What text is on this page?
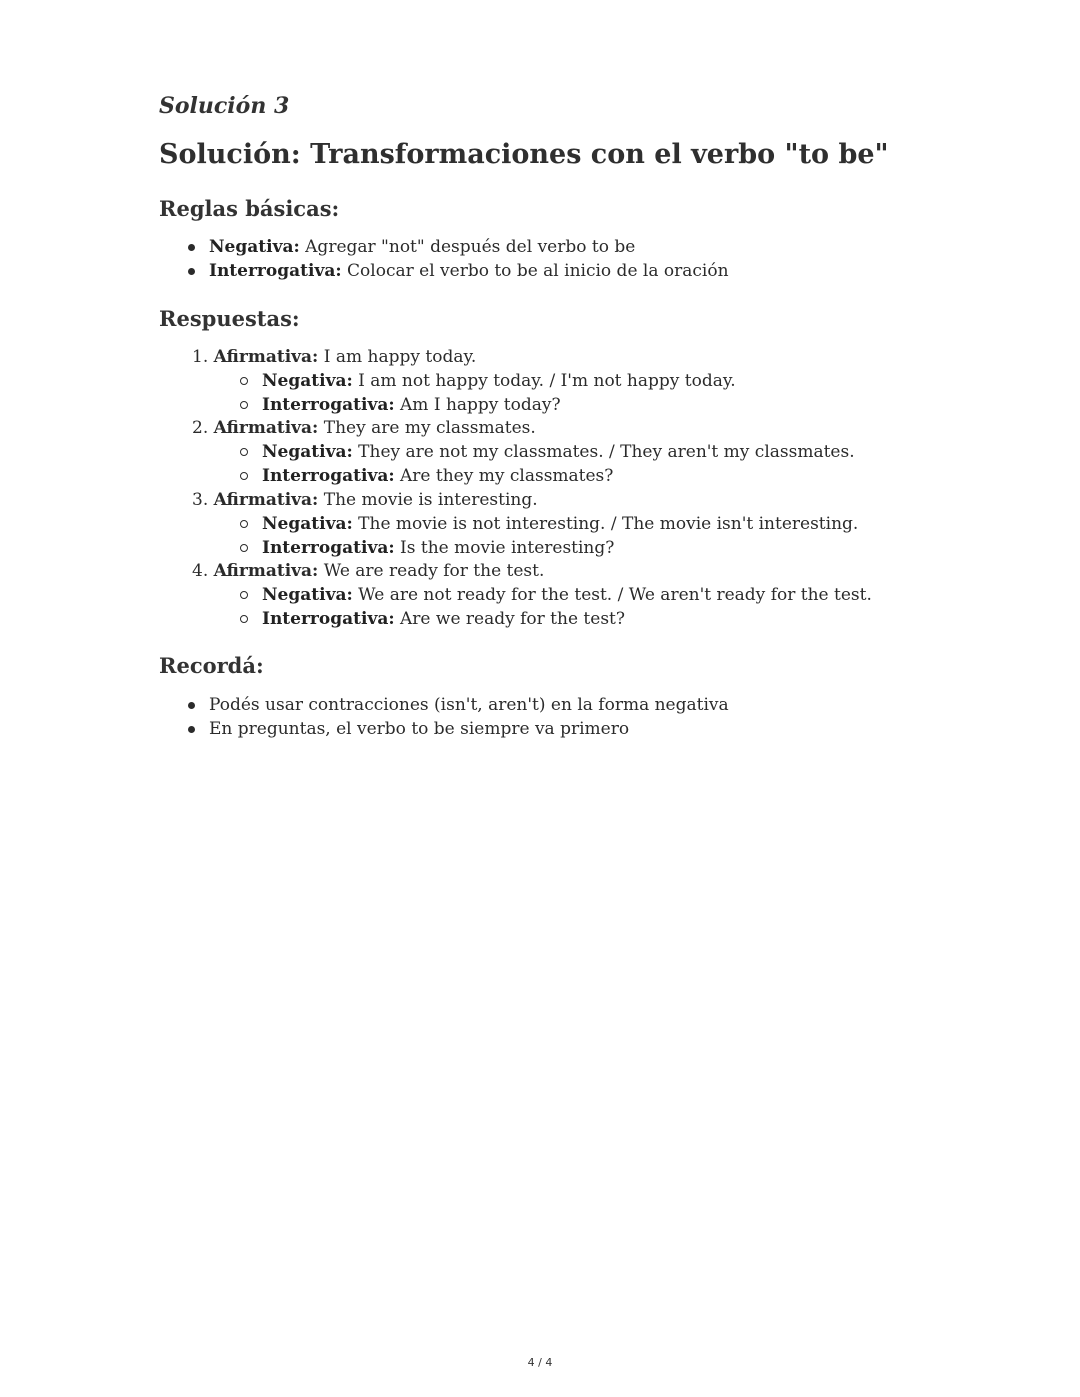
Solución 3
Solución: Transformaciones con el verbo "to be"
Reglas básicas:
Negativa: Agregar "not" después del verbo to be
Interrogativa: Colocar el verbo to be al inicio de la oración
Respuestas:
1. Afirmativa: I am happy today.
Negativa: I am not happy today. / I'm not happy today.
Interrogativa: Am I happy today?
2. Afirmativa: They are my classmates.
Negativa: They are not my classmates. / They aren't my classmates.
Interrogativa: Are they my classmates?
3. Afirmativa: The movie is interesting.
Negativa: The movie is not interesting. / The movie isn't interesting.
Interrogativa: Is the movie interesting?
4. Afirmativa: We are ready for the test.
Negativa: We are not ready for the test. / We aren't ready for the test.
Interrogativa: Are we ready for the test?
Recordá:
Podés usar contracciones (isn't, aren't) en la forma negativa
En preguntas, el verbo to be siempre va primero
4 / 4
